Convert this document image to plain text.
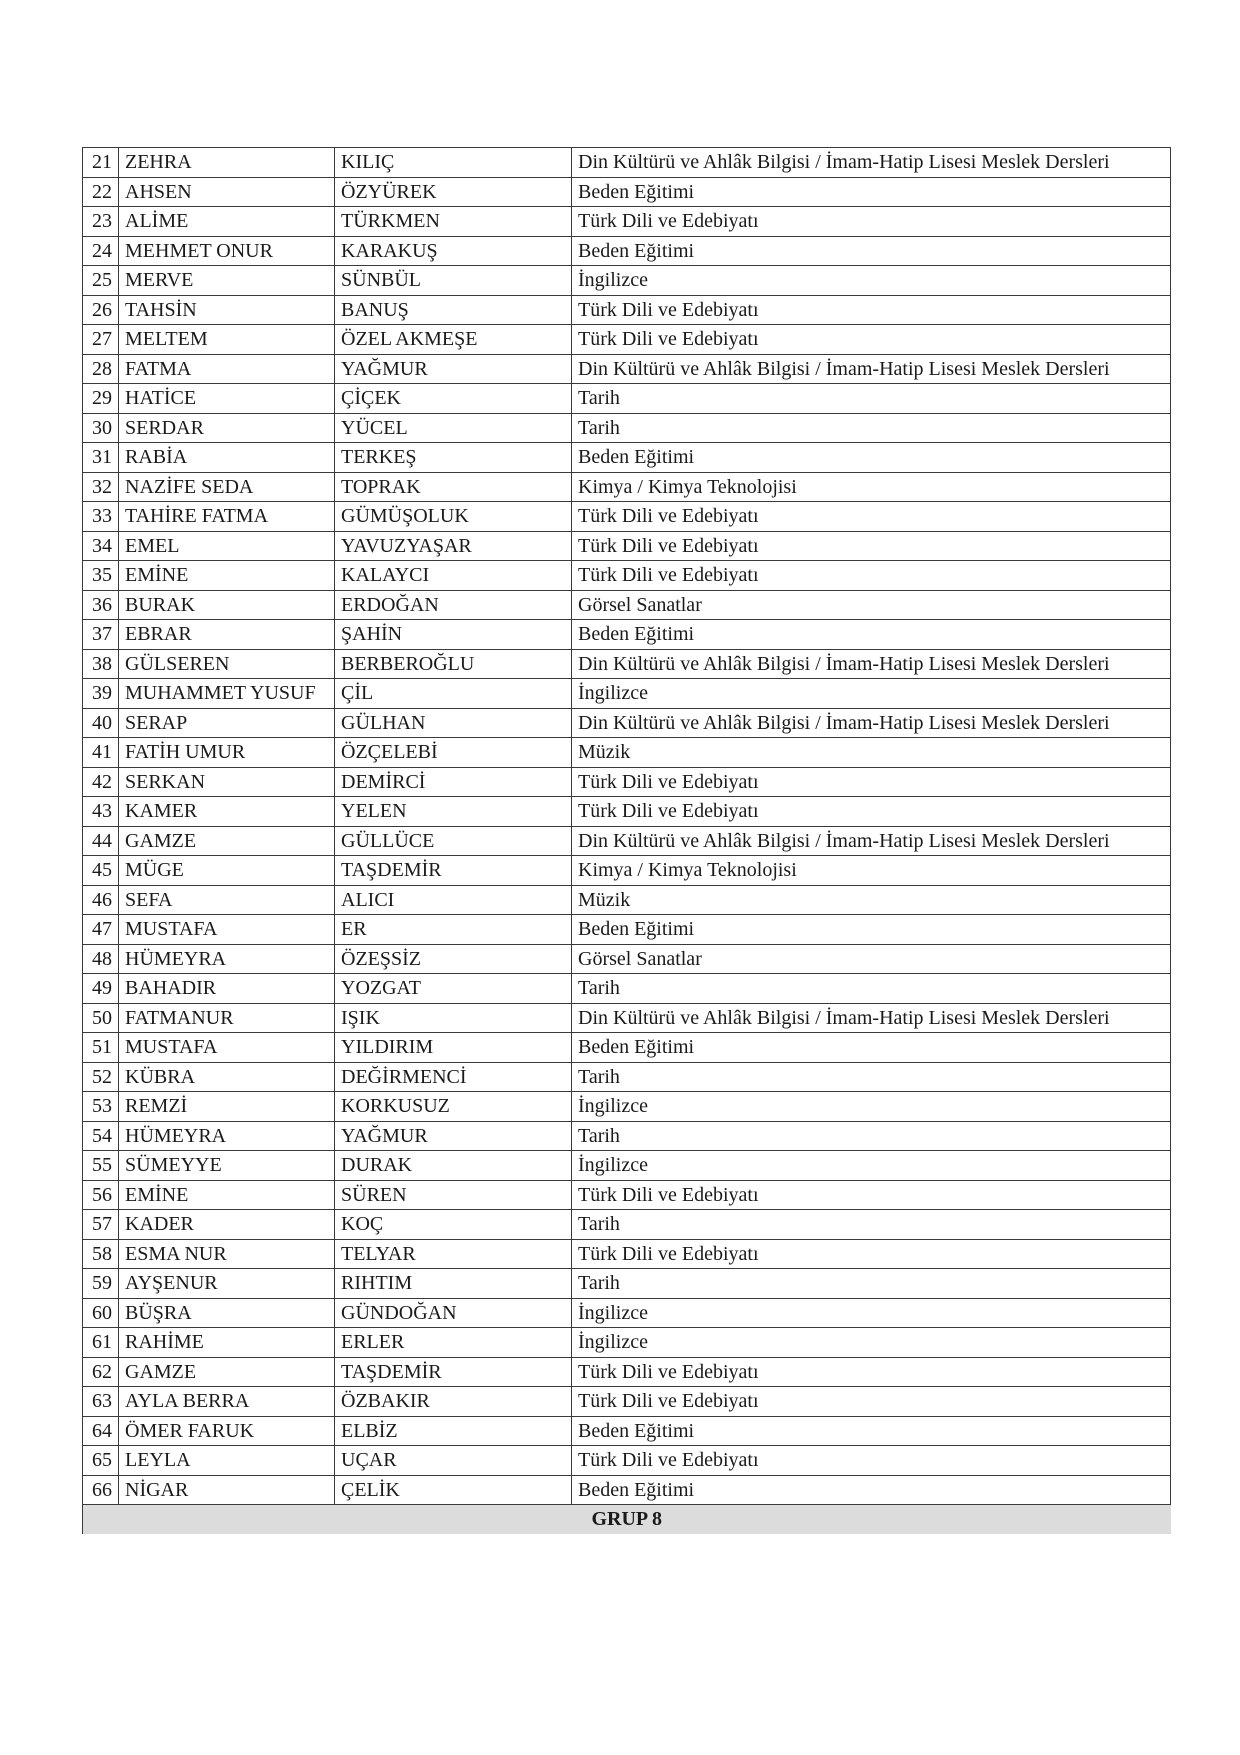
21	ZEHRA	KILIÇ	Din Kültürü ve Ahlâk Bilgisi / İmam-Hatip Lisesi Meslek Dersleri
22	AHSEN	ÖZYÜREK	Beden Eğitimi
23	ALİME	TÜRKMEN	Türk Dili ve Edebiyatı
24	MEHMET ONUR	KARAKUŞ	Beden Eğitimi
25	MERVE	SÜNBÜL	İngilizce
26	TAHSİN	BANUŞ	Türk Dili ve Edebiyatı
27	MELTEM	ÖZEL AKMEŞE	Türk Dili ve Edebiyatı
28	FATMA	YAĞMUR	Din Kültürü ve Ahlâk Bilgisi / İmam-Hatip Lisesi Meslek Dersleri
29	HATİCE	ÇİÇEK	Tarih
30	SERDAR	YÜCEL	Tarih
31	RABİA	TERKEŞ	Beden Eğitimi
32	NAZİFE SEDA	TOPRAK	Kimya / Kimya Teknolojisi
33	TAHİRE FATMA	GÜMÜŞOLUK	Türk Dili ve Edebiyatı
34	EMEL	YAVUZYAŞAR	Türk Dili ve Edebiyatı
35	EMİNE	KALAYCI	Türk Dili ve Edebiyatı
36	BURAK	ERDOĞAN	Görsel Sanatlar
37	EBRAR	ŞAHİN	Beden Eğitimi
38	GÜLSEREN	BERBEROĞLU	Din Kültürü ve Ahlâk Bilgisi / İmam-Hatip Lisesi Meslek Dersleri
39	MUHAMMET YUSUF	ÇİL	İngilizce
40	SERAP	GÜLHAN	Din Kültürü ve Ahlâk Bilgisi / İmam-Hatip Lisesi Meslek Dersleri
41	FATİH UMUR	ÖZÇELEBİ	Müzik
42	SERKAN	DEMİRCİ	Türk Dili ve Edebiyatı
43	KAMER	YELEN	Türk Dili ve Edebiyatı
44	GAMZE	GÜLLÜCE	Din Kültürü ve Ahlâk Bilgisi / İmam-Hatip Lisesi Meslek Dersleri
45	MÜGE	TAŞDEMİR	Kimya / Kimya Teknolojisi
46	SEFA	ALICI	Müzik
47	MUSTAFA	ER	Beden Eğitimi
48	HÜMEYRA	ÖZEŞSİZ	Görsel Sanatlar
49	BAHADIR	YOZGAT	Tarih
50	FATMANUR	IŞIK	Din Kültürü ve Ahlâk Bilgisi / İmam-Hatip Lisesi Meslek Dersleri
51	MUSTAFA	YILDIRIM	Beden Eğitimi
52	KÜBRA	DEĞİRMENCİ	Tarih
53	REMZİ	KORKUSUZ	İngilizce
54	HÜMEYRA	YAĞMUR	Tarih
55	SÜMEYYE	DURAK	İngilizce
56	EMİNE	SÜREN	Türk Dili ve Edebiyatı
57	KADER	KOÇ	Tarih
58	ESMA NUR	TELYAR	Türk Dili ve Edebiyatı
59	AYŞENUR	RIHTIM	Tarih
60	BÜŞRA	GÜNDOĞAN	İngilizce
61	RAHİME	ERLER	İngilizce
62	GAMZE	TAŞDEMİR	Türk Dili ve Edebiyatı
63	AYLA BERRA	ÖZBAKIR	Türk Dili ve Edebiyatı
64	ÖMER FARUK	ELBİZ	Beden Eğitimi
65	LEYLA	UÇAR	Türk Dili ve Edebiyatı
66	NİGAR	ÇELİK	Beden Eğitimi
GRUP 8			
